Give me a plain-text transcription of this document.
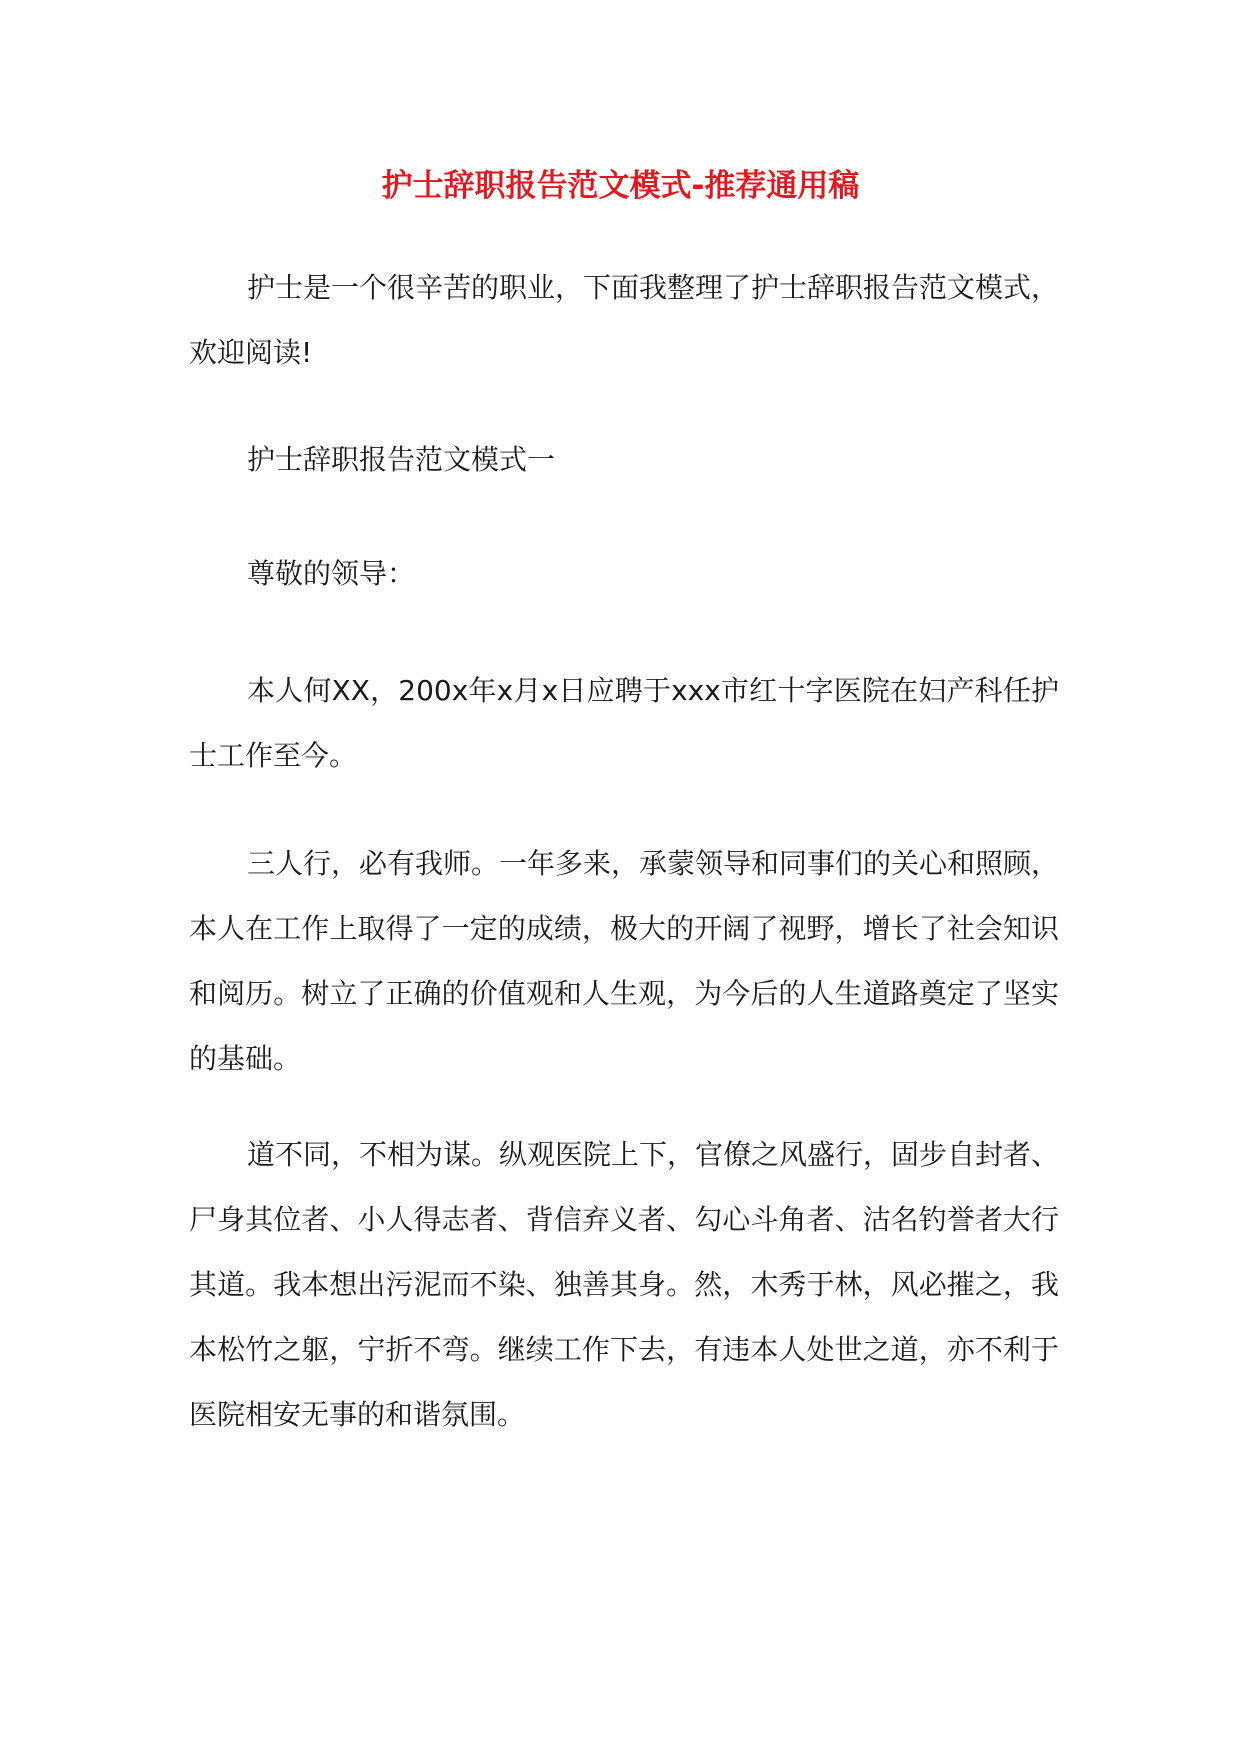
护士辞职报告范文模式-推荐通用稿

护士是一个很辛苦的职业，下面我整理了护士辞职报告范文模式，欢迎阅读!

护士辞职报告范文模式一

尊敬的领导：

本人何XX，200x年x月x日应聘于xxx市红十字医院在妇产科任护士工作至今。

三人行，必有我师。一年多来，承蒙领导和同事们的关心和照顾，本人在工作上取得了一定的成绩，极大的开阔了视野，增长了社会知识和阅历。树立了正确的价值观和人生观，为今后的人生道路奠定了坚实的基础。

道不同，不相为谋。纵观医院上下，官僚之风盛行，固步自封者、尸身其位者、小人得志者、背信弃义者、勾心斗角者、沽名钓誉者大行其道。我本想出污泥而不染、独善其身。然，木秀于林，风必摧之，我本松竹之躯，宁折不弯。继续工作下去，有违本人处世之道，亦不利于医院相安无事的和谐氛围。
